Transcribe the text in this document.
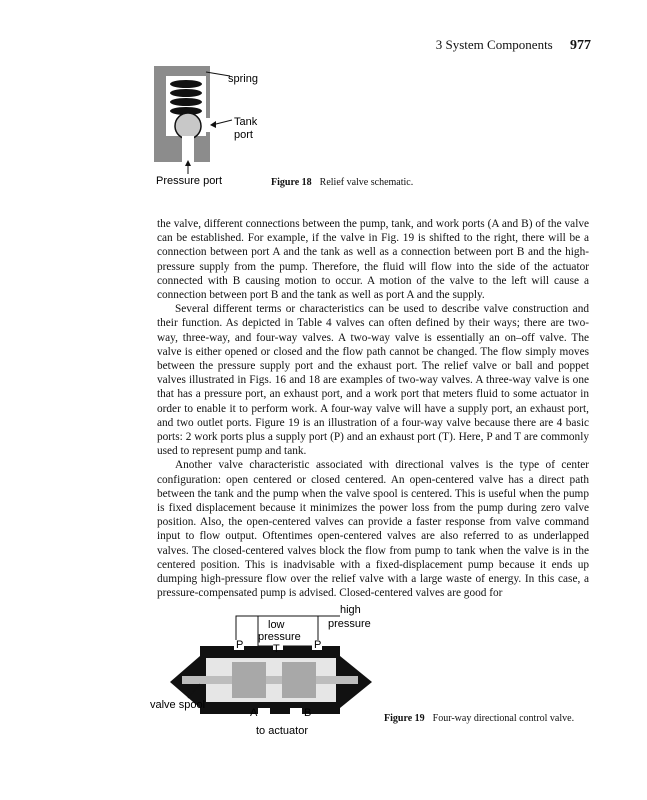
3 System Components 977
spring
Tank
port
Pressure port	Figure 18 Relief valve schematic.

the valve, different connections between the pump, tank, and work ports (A and B) of the valve can be established. For example, if the valve in Fig. 19 is shifted to the right, there will be a connection between port A and the tank as well as a connection between port B and the high-pressure supply from the pump. Therefore, the fluid will flow into the side of the actuator connected with B causing motion to occur. A motion of the valve to the left will cause a connection between port B and the tank as well as port A and the supply.

Several different terms or characteristics can be used to describe valve construction and their function. As depicted in Table 4 valves can often defined by their ways; there are two-way, three-way, and four-way valves. A two-way valve is essentially an on–off valve. The valve is either opened or closed and the flow path cannot be changed. The flow simply moves between the pressure supply port and the exhaust port. The relief valve or ball and poppet valves illustrated in Figs. 16 and 18 are examples of two-way valves. A three-way valve is one that has a pressure port, an exhaust port, and a work port that meters fluid to some actuator in order to enable it to perform work. A four-way valve will have a supply port, an exhaust port, and two outlet ports. Figure 19 is an illustration of a four-way valve because there are 4 basic ports: 2 work ports plus a supply port (P) and an exhaust port (T). Here, P and T are commonly used to represent pump and tank.

Another valve characteristic associated with directional valves is the type of center configuration: open centered or closed centered. An open-centered valve has a direct path between the tank and the pump when the valve spool is centered. This is useful when the pump is fixed displacement because it minimizes the power loss from the pump during zero valve position. Also, the open-centered valves can provide a faster response from valve command input to flow output. Oftentimes open-centered valves are also referred to as underlapped valves. The closed-centered valves block the flow from pump to tank when the valve is in the centered position. This is inadvisable with a fixed-displacement pump because it ends up dumping high-pressure flow over the relief valve with a large waste of energy. In this case, a pressure-compensated pump is advised. Closed-centered valves are good for

high
pressure
low
pressure
P	T	P
valve spool
A	B
to actuator
Figure 19 Four-way directional control valve.
